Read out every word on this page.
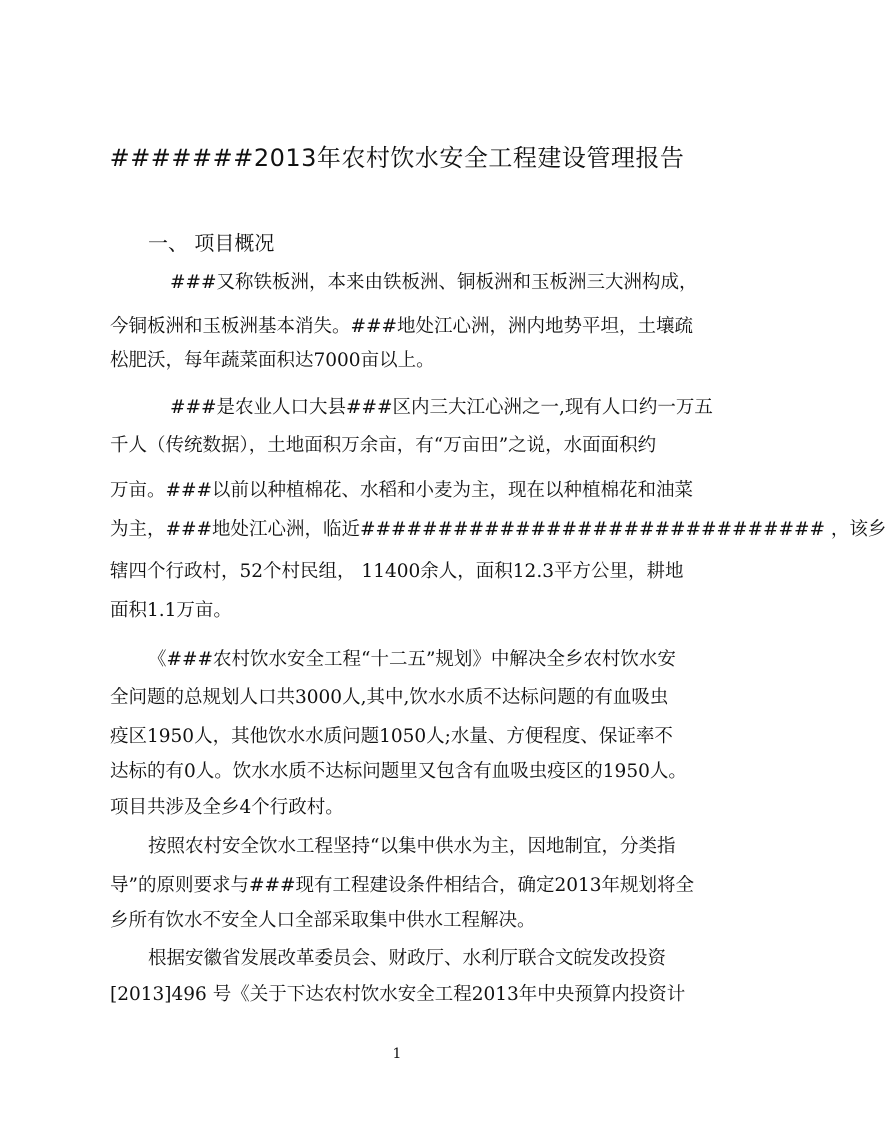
#######2013年农村饮水安全工程建设管理报告
一、 项目概况
###又称铁板洲，本来由铁板洲、铜板洲和玉板洲三大洲构成，
今铜板洲和玉板洲基本消失。###地处江心洲，洲内地势平坦，土壤疏
松肥沃，每年蔬菜面积达7000亩以上。
###是农业人口大县###区内三大江心洲之一,现有人口约一万五
千人（传统数据），土地面积万余亩，有“万亩田”之说，水面面积约
万亩。###以前以种植棉花、水稻和小麦为主，现在以种植棉花和油菜
为主，###地处江心洲，临近############################## ，该乡
辖四个行政村，52个村民组， 11400余人，面积12.3平方公里，耕地
面积1.1万亩。
《###农村饮水安全工程“十二五”规划》中解决全乡农村饮水安
全问题的总规划人口共3000人,其中,饮水水质不达标问题的有血吸虫
疫区1950人，其他饮水水质问题1050人;水量、方便程度、保证率不
达标的有0人。饮水水质不达标问题里又包含有血吸虫疫区的1950人。
项目共涉及全乡4个行政村。
按照农村安全饮水工程坚持“以集中供水为主，因地制宜，分类指
导”的原则要求与###现有工程建设条件相结合，确定2013年规划将全
乡所有饮水不安全人口全部采取集中供水工程解决。
根据安徽省发展改革委员会、财政厅、水利厅联合文皖发改投资
[2013]496 号《关于下达农村饮水安全工程2013年中央预算内投资计
1
